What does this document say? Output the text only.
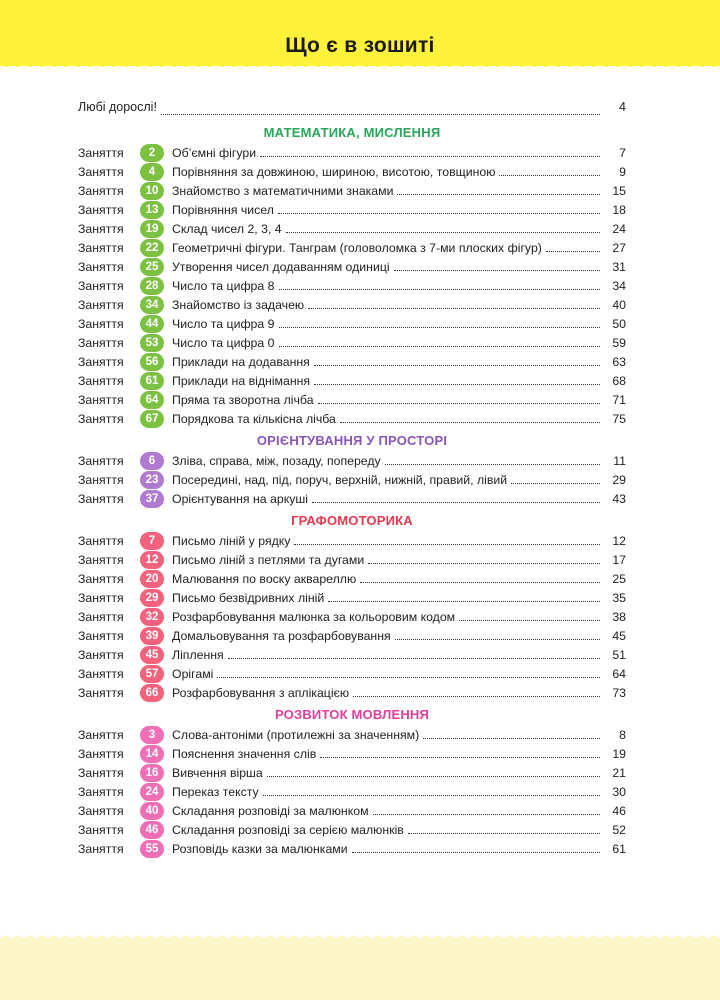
Що є в зошиті
Любі дорослі!	4
МАТЕМАТИКА, МИСЛЕННЯ
Заняття	2	Об’ємні фігури	7
Заняття	4	Порівняння за довжиною, шириною, висотою, товщиною	9
Заняття	10	Знайомство з математичними знаками	15
Заняття	13	Порівняння чисел	18
Заняття	19	Склад чисел 2, 3, 4	24
Заняття	22	Геометричні фігури. Танграм (головоломка з 7-ми плоских фігур)	27
Заняття	25	Утворення чисел додаванням одиниці	31
Заняття	28	Число та цифра 8	34
Заняття	34	Знайомство із задачею	40
Заняття	44	Число та цифра 9	50
Заняття	53	Число та цифра 0	59
Заняття	56	Приклади на додавання	63
Заняття	61	Приклади на віднімання	68
Заняття	64	Пряма та зворотна лічба	71
Заняття	67	Порядкова та кількісна лічба	75
ОРІЄНТУВАННЯ У ПРОСТОРІ
Заняття	6	Зліва, справа, між, позаду, попереду	11
Заняття	23	Посередині, над, під, поруч, верхній, нижній, правий, лівий	29
Заняття	37	Орієнтування на аркуші	43
ГРАФОМОТОРИКА
Заняття	7	Письмо ліній у рядку	12
Заняття	12	Письмо ліній з петлями та дугами	17
Заняття	20	Малювання по воску аквареллю	25
Заняття	29	Письмо безвідривних ліній	35
Заняття	32	Розфарбовування малюнка за кольоровим кодом	38
Заняття	39	Домальовування та розфарбовування	45
Заняття	45	Ліплення	51
Заняття	57	Орігамі	64
Заняття	66	Розфарбовування з аплікацією	73
РОЗВИТОК МОВЛЕННЯ
Заняття	3	Слова-антоніми (протилежні за значенням)	8
Заняття	14	Пояснення значення слів	19
Заняття	16	Вивчення вірша	21
Заняття	24	Переказ тексту	30
Заняття	40	Складання розповіді за малюнком	46
Заняття	46	Складання розповіді за серією малюнків	52
Заняття	55	Розповідь казки за малюнками	61
